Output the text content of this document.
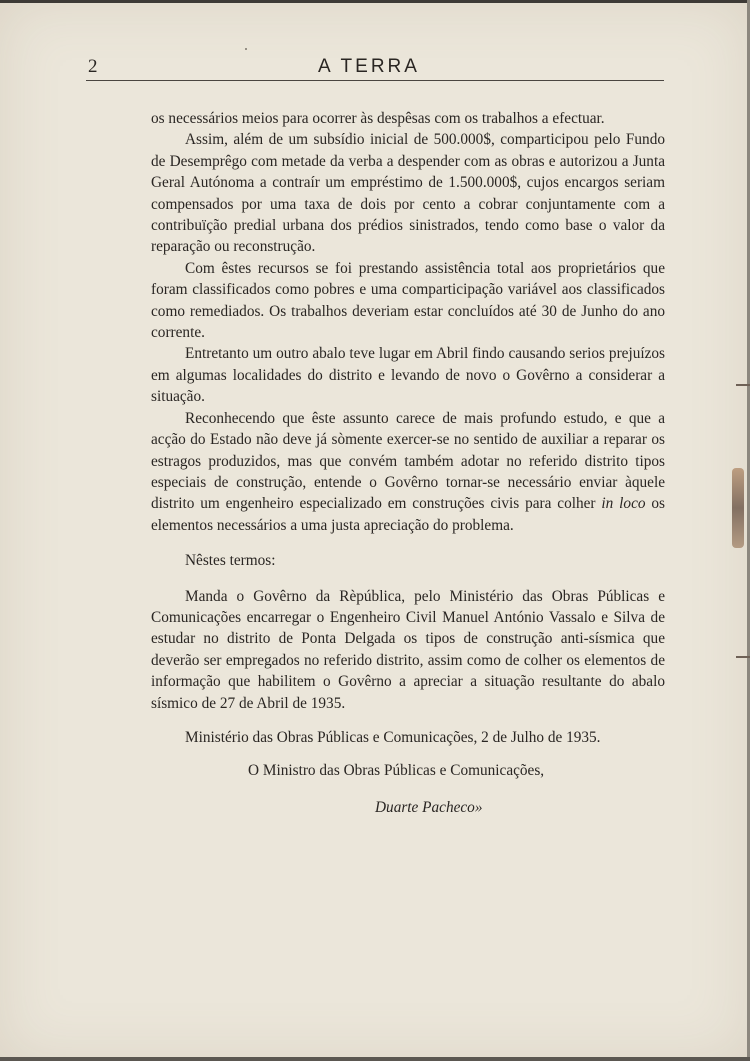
2	A TERRA

os necessários meios para ocorrer às despêsas com os trabalhos a efectuar.

Assim, além de um subsídio inicial de 500.000$, comparticipou pelo Fundo de Desemprêgo com metade da verba a despender com as obras e autorizou a Junta Geral Autónoma a contraír um empréstimo de 1.500.000$, cujos encargos seriam compensados por uma taxa de dois por cento a cobrar conjuntamente com a contribuïção predial urbana dos prédios sinistrados, tendo como base o valor da reparação ou reconstrução.

Com êstes recursos se foi prestando assistência total aos proprietários que foram classificados como pobres e uma comparticipação variável aos classificados como remediados. Os trabalhos deveriam estar concluídos até 30 de Junho do ano corrente.

Entretanto um outro abalo teve lugar em Abril findo causando serios prejuízos em algumas localidades do distrito e levando de novo o Govêrno a considerar a situação.

Reconhecendo que êste assunto carece de mais profundo estudo, e que a acção do Estado não deve já sòmente exercer-se no sentido de auxiliar a reparar os estragos produzidos, mas que convém também adotar no referido distrito tipos especiais de construção, entende o Govêrno tornar-se necessário enviar àquele distrito um engenheiro especializado em construções civis para colher in loco os elementos necessários a uma justa apreciação do problema.

Nêstes termos:

Manda o Govêrno da Rèpública, pelo Ministério das Obras Públicas e Comunicações encarregar o Engenheiro Civil Manuel António Vassalo e Silva de estudar no distrito de Ponta Delgada os tipos de construção anti-sísmica que deverão ser empregados no referido distrito, assim como de colher os elementos de informação que habilitem o Govêrno a apreciar a situação resultante do abalo sísmico de 27 de Abril de 1935.

Ministério das Obras Públicas e Comunicações, 2 de Julho de 1935.

O Ministro das Obras Públicas e Comunicações,

Duarte Pacheco»
